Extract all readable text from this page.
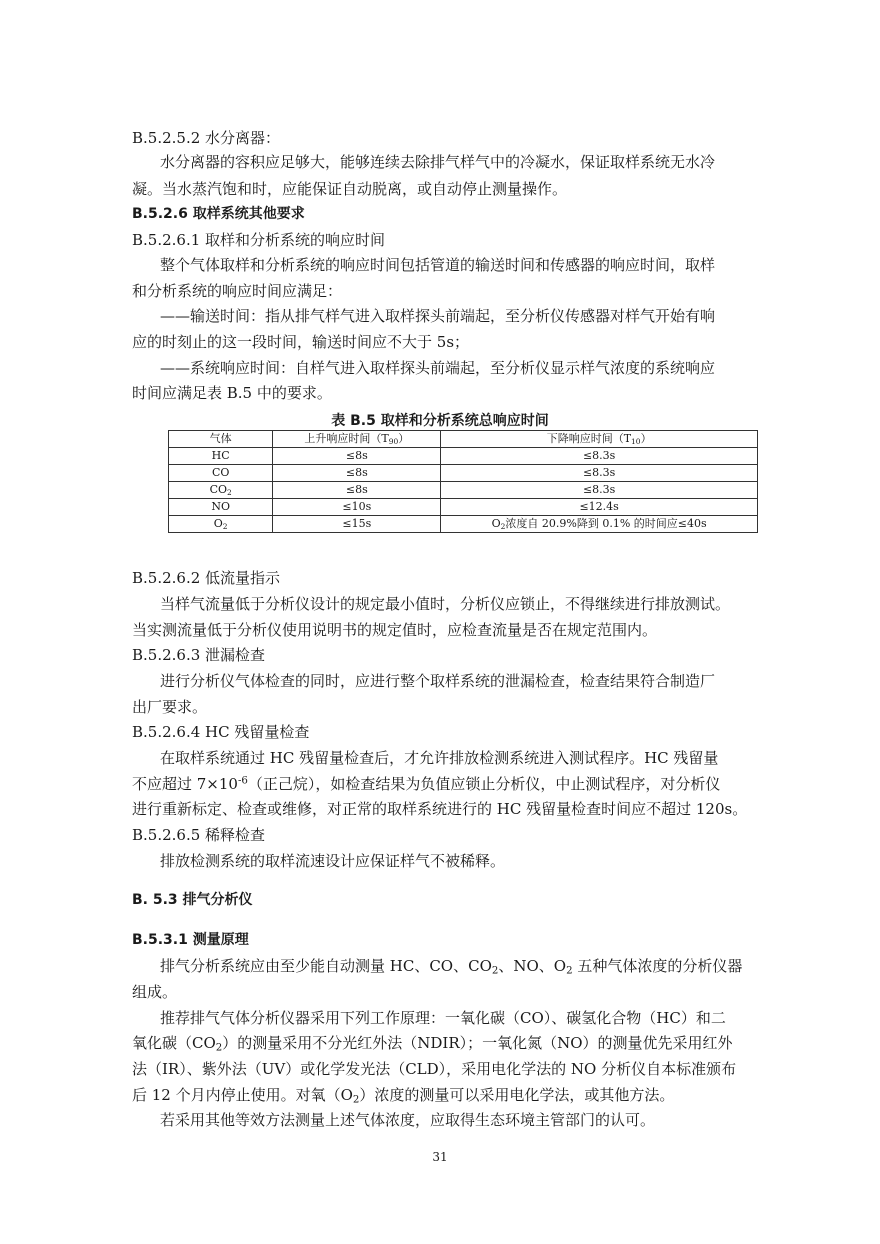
B.5.2.5.2 水分离器：
水分离器的容积应足够大，能够连续去除排气样气中的冷凝水，保证取样系统无水冷
凝。当水蒸汽饱和时，应能保证自动脱离，或自动停止测量操作。
B.5.2.6 取样系统其他要求
B.5.2.6.1 取样和分析系统的响应时间
整个气体取样和分析系统的响应时间包括管道的输送时间和传感器的响应时间，取样
和分析系统的响应时间应满足：
——输送时间：指从排气样气进入取样探头前端起，至分析仪传感器对样气开始有响
应的时刻止的这一段时间，输送时间应不大于 5s；
——系统响应时间：自样气进入取样探头前端起，至分析仪显示样气浓度的系统响应
时间应满足表 B.5 中的要求。
表 B.5 取样和分析系统总响应时间
气体	上升响应时间$(T_{90})$	下降响应时间$(T_{10})$
HC	≤8s	≤8.3s
CO	≤8s	≤8.3s
$CO_2$	≤8s	≤8.3s
NO	≤10s	≤12.4s
$O_2$	≤15s	$O_2$浓度自 20.9%降到 0.1% 的时间应≤40s
B.5.2.6.2 低流量指示
当样气流量低于分析仪设计的规定最小值时，分析仪应锁止，不得继续进行排放测试。
当实测流量低于分析仪使用说明书的规定值时，应检查流量是否在规定范围内。
B.5.2.6.3 泄漏检查
进行分析仪气体检查的同时，应进行整个取样系统的泄漏检查，检查结果符合制造厂
出厂要求。
B.5.2.6.4 HC 残留量检查
在取样系统通过 HC 残留量检查后，才允许排放检测系统进入测试程序。HC 残留量
不应超过 $7\times 10^{-6}$（正己烷），如检查结果为负值应锁止分析仪，中止测试程序，对分析仪
进行重新标定、检查或维修，对正常的取样系统进行的 HC 残留量检查时间应不超过 120s。
B.5.2.6.5 稀释检查
排放检测系统的取样流速设计应保证样气不被稀释。
B. 5.3 排气分析仪
B.5.3.1 测量原理
排气分析系统应由至少能自动测量 HC、CO、$CO_2$、NO、$O_2$ 五种气体浓度的分析仪器
组成。
推荐排气气体分析仪器采用下列工作原理：一氧化碳（CO）、碳氢化合物（HC）和二
氧化碳$(CO_2)$的测量采用不分光红外法（NDIR）；一氧化氮（NO）的测量优先采用红外
法（IR）、紫外法（UV）或化学发光法（CLD），采用电化学法的 NO 分析仪自本标准颁布
后 12 个月内停止使用。对氧$(O_2)$浓度的测量可以采用电化学法，或其他方法。
若采用其他等效方法测量上述气体浓度，应取得生态环境主管部门的认可。
31
